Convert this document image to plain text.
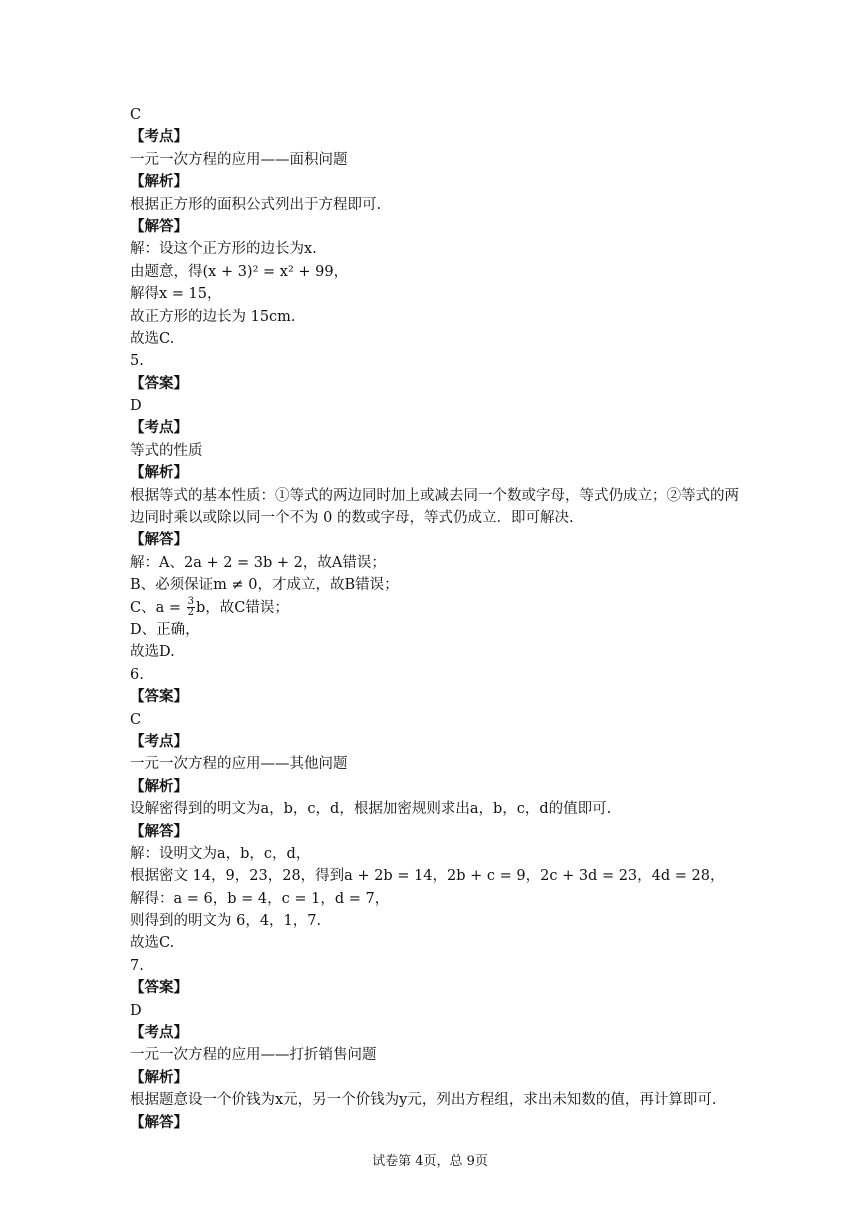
C
【考点】
一元一次方程的应用——面积问题
【解析】
根据正方形的面积公式列出于方程即可.
【解答】
解：设这个正方形的边长为x.
由题意，得(x + 3)² = x² + 99，
解得x = 15，
故正方形的边长为 15cm.
故选C.
5.
【答案】
D
【考点】
等式的性质
【解析】
根据等式的基本性质：①等式的两边同时加上或减去同一个数或字母，等式仍成立；②等式的两边同时乘以或除以同一个不为 0 的数或字母，等式仍成立．即可解决.
【解答】
解：A、2a + 2 = 3b + 2，故A错误；
B、必须保证m ≠ 0，才成立，故B错误；
C、$a = \frac{3}{2}$ b，故C错误；
D、正确，
故选D.
6.
【答案】
C
【考点】
一元一次方程的应用——其他问题
【解析】
设解密得到的明文为a，b，c，d，根据加密规则求出a，b，c，d的值即可.
【解答】
解：设明文为a，b，c，d，
根据密文 14，9，23，28，得到a + 2b = 14，2b + c = 9，2c + 3d = 23，4d = 28，
解得：a = 6，b = 4，c = 1，d = 7，
则得到的明文为 6，4，1，7.
故选C.
7.
【答案】
D
【考点】
一元一次方程的应用——打折销售问题
【解析】
根据题意设一个价钱为x元，另一个价钱为y元，列出方程组，求出未知数的值，再计算即可.
【解答】
试卷第 4页，总 9页
